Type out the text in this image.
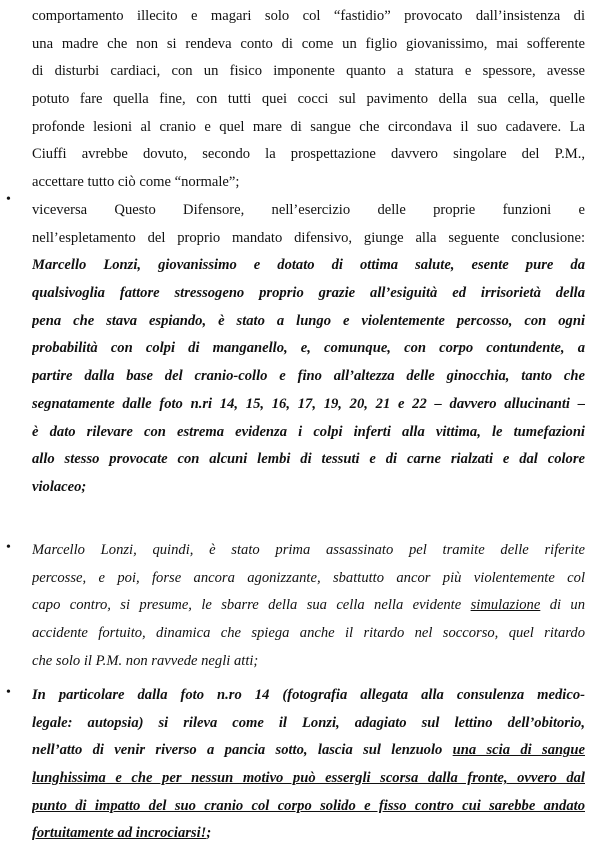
comportamento illecito e magari solo col “fastidio” provocato dall’insistenza di
una madre che non si rendeva conto di come un figlio giovanissimo, mai sofferente
di disturbi cardiaci, con un fisico imponente quanto a statura e spessore, avesse
potuto fare quella fine, con tutti quei cocci sul pavimento della sua cella, quelle
profonde lesioni al cranio e quel mare di sangue che circondava il suo cadavere. La
Ciuffi avrebbe dovuto, secondo la prospettazione davvero singolare del P.M.,
accettare tutto ciò come “normale”;
•
viceversa Questo Difensore, nell’esercizio delle proprie funzioni e
nell’espletamento del proprio mandato difensivo, giunge alla seguente conclusione:
Marcello Lonzi, giovanissimo e dotato di ottima salute, esente pure da
qualsivoglia fattore stressogeno proprio grazie all’esiguità ed irrisorietà della
pena che stava espiando, è stato a lungo e violentemente percosso, con ogni
probabilità con colpi di manganello, e, comunque, con corpo contundente, a
partire dalla base del cranio-collo e fino all’altezza delle ginocchia, tanto che
segnatamente dalle foto n.ri 14, 15, 16, 17, 19, 20, 21 e 22 – davvero allucinanti –
è dato rilevare con estrema evidenza i colpi inferti alla vittima, le tumefazioni
allo stesso provocate con alcuni lembi di tessuti e di carne rialzati e dal colore
violaceo;
•	Marcello Lonzi, quindi, è stato prima assassinato pel tramite delle riferite
percosse, e poi, forse ancora agonizzante, sbattutto ancor più violentemente col
capo contro, si presume, le sbarre della sua cella nella evidente simulazione di un
accidente fortuito, dinamica che spiega anche il ritardo nel soccorso, quel ritardo
che solo il P.M. non ravvede negli atti;
•	In particolare dalla foto n.ro 14 (fotografia allegata alla consulenza medico-
legale: autopsia) si rileva come il Lonzi, adagiato sul lettino dell’obitorio,
nell’atto di venir riverso a pancia sotto, lascia sul lenzuolo una scia di sangue
lunghissima e che per nessun motivo può essergli scorsa dalla fronte, ovvero dal
punto di impatto del suo cranio col corpo solido e fisso contro cui sarebbe andato
fortuitamente ad incrociarsi!;
